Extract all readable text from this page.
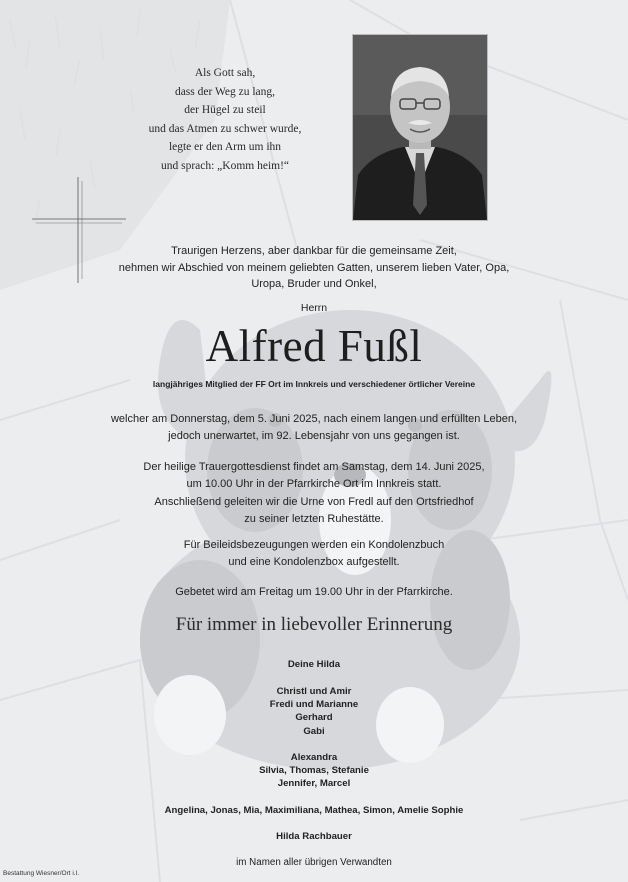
Als Gott sah,
dass der Weg zu lang,
der Hügel zu steil
und das Atmen zu schwer wurde,
legte er den Arm um ihn
und sprach: „Komm heim!“
Traurigen Herzens, aber dankbar für die gemeinsame Zeit,
nehmen wir Abschied von meinem geliebten Gatten, unserem lieben Vater, Opa,
Uropa, Bruder und Onkel,
Herrn
Alfred Fußl
langjähriges Mitglied der FF Ort im Innkreis und verschiedener örtlicher Vereine
welcher am Donnerstag, dem 5. Juni 2025, nach einem langen und erfüllten Leben,
jedoch unerwartet, im 92. Lebensjahr von uns gegangen ist.
Der heilige Trauergottesdienst findet am Samstag, dem 14. Juni 2025,
um 10.00 Uhr in der Pfarrkirche Ort im Innkreis statt.
Anschließend geleiten wir die Urne von Fredl auf den Ortsfriedhof
zu seiner letzten Ruhestätte.
Für Beileidsbezeugungen werden ein Kondolenzbuch
und eine Kondolenzbox aufgestellt.
Gebetet wird am Freitag um 19.00 Uhr in der Pfarrkirche.
Für immer in liebevoller Erinnerung
Deine Hilda
Christl und Amir
Fredi und Marianne
Gerhard
Gabi
Alexandra
Silvia, Thomas, Stefanie
Jennifer, Marcel
Angelina, Jonas, Mia, Maximiliana, Mathea, Simon, Amelie Sophie
Hilda Rachbauer
im Namen aller übrigen Verwandten
Bestattung Wiesner/Ort i.I.
